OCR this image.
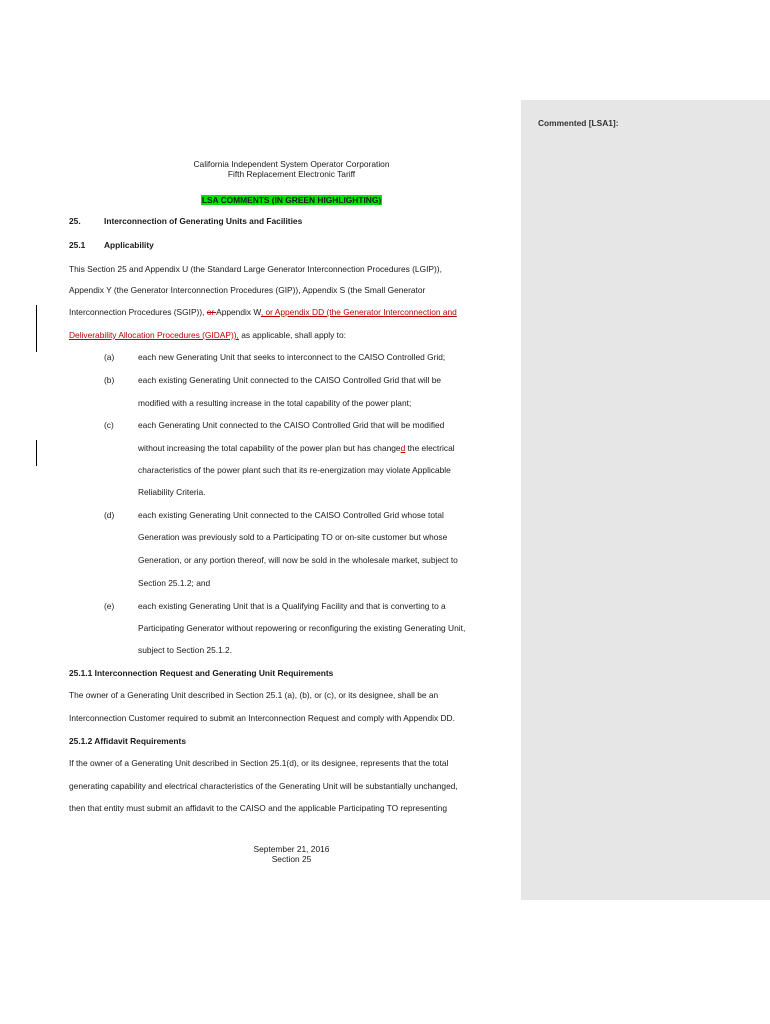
Commented [LSA1]:
California Independent System Operator Corporation
Fifth Replacement Electronic Tariff
LSA COMMENTS (IN GREEN HIGHLIGHTING)
25.	Interconnection of Generating Units and Facilities
25.1 Applicability
This Section 25 and Appendix U (the Standard Large Generator Interconnection Procedures (LGIP)),
Appendix Y (the Generator Interconnection Procedures (GIP)), Appendix S (the Small Generator
Interconnection Procedures (SGIP)), or Appendix W, or Appendix DD (the Generator Interconnection and
Deliverability Allocation Procedures (GIDAP)), as applicable, shall apply to:
(a)	each new Generating Unit that seeks to interconnect to the CAISO Controlled Grid;
(b)	each existing Generating Unit connected to the CAISO Controlled Grid that will be
modified with a resulting increase in the total capability of the power plant;
(c)	each Generating Unit connected to the CAISO Controlled Grid that will be modified
without increasing the total capability of the power plan but has changed the electrical
characteristics of the power plant such that its re-energization may violate Applicable
Reliability Criteria.
(d)	each existing Generating Unit connected to the CAISO Controlled Grid whose total
Generation was previously sold to a Participating TO or on-site customer but whose
Generation, or any portion thereof, will now be sold in the wholesale market, subject to
Section 25.1.2; and
(e)	each existing Generating Unit that is a Qualifying Facility and that is converting to a
Participating Generator without repowering or reconfiguring the existing Generating Unit,
subject to Section 25.1.2.
25.1.1 Interconnection Request and Generating Unit Requirements
The owner of a Generating Unit described in Section 25.1 (a), (b), or (c), or its designee, shall be an
Interconnection Customer required to submit an Interconnection Request and comply with Appendix DD.
25.1.2 Affidavit Requirements
If the owner of a Generating Unit described in Section 25.1(d), or its designee, represents that the total
generating capability and electrical characteristics of the Generating Unit will be substantially unchanged,
then that entity must submit an affidavit to the CAISO and the applicable Participating TO representing
September 21, 2016
Section 25
